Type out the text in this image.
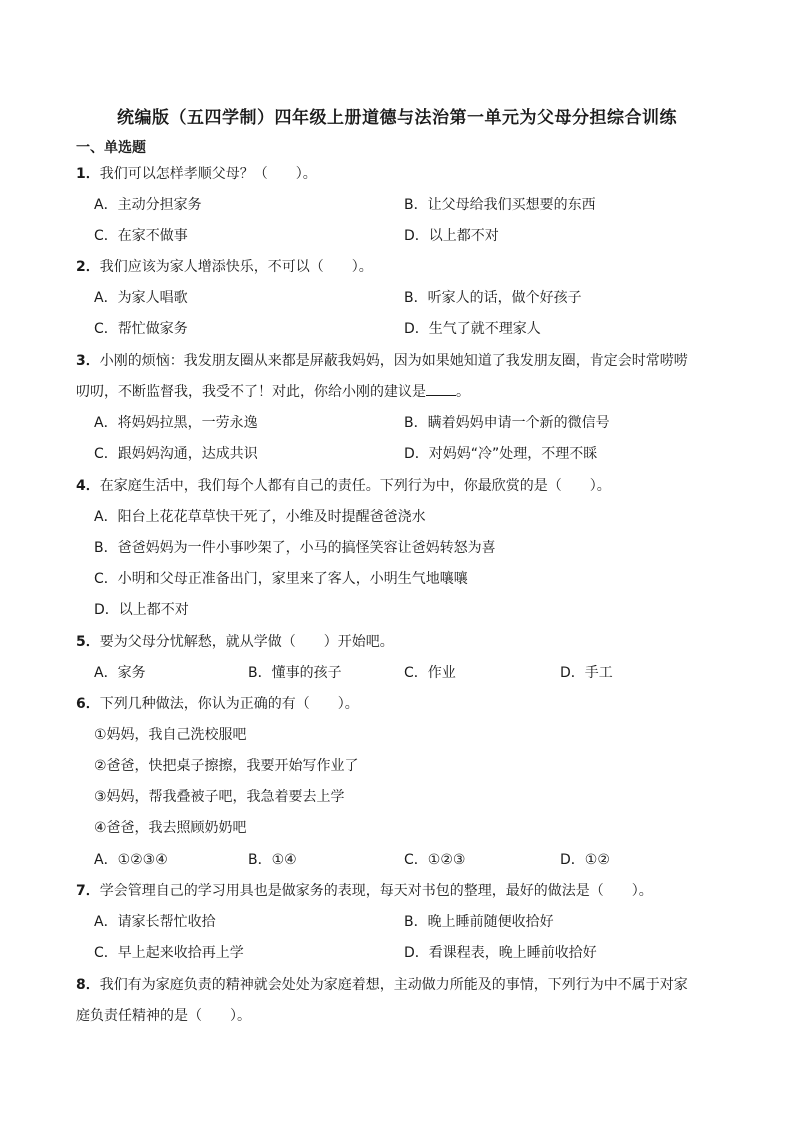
统编版（五四学制）四年级上册道德与法治第一单元为父母分担综合训练
一、单选题
1．我们可以怎样孝顺父母？（　　）。
A．主动分担家务	B．让父母给我们买想要的东西
C．在家不做事	D．以上都不对
2．我们应该为家人增添快乐，不可以（　　）。
A．为家人唱歌	B．听家人的话，做个好孩子
C．帮忙做家务	D．生气了就不理家人
3．小刚的烦恼：我发朋友圈从来都是屏蔽我妈妈，因为如果她知道了我发朋友圈，肯定会时常唠唠
叨叨，不断监督我，我受不了！对此，你给小刚的建议是 。
A．将妈妈拉黑，一劳永逸	B．瞒着妈妈申请一个新的微信号
C．跟妈妈沟通，达成共识	D．对妈妈“冷”处理，不理不睬
4．在家庭生活中，我们每个人都有自己的责任。下列行为中，你最欣赏的是（　　）。
A．阳台上花花草草快干死了，小维及时提醒爸爸浇水
B．爸爸妈妈为一件小事吵架了，小马的搞怪笑容让爸妈转怒为喜
C．小明和父母正准备出门，家里来了客人，小明生气地嚷嚷
D．以上都不对
5．要为父母分忧解愁，就从学做（　　）开始吧。
A．家务	B．懂事的孩子	C．作业	D．手工
6．下列几种做法，你认为正确的有（　　）。
①妈妈，我自己洗校服吧
②爸爸，快把桌子擦擦，我要开始写作业了
③妈妈，帮我叠被子吧，我急着要去上学
④爸爸，我去照顾奶奶吧
A．①②③④	B．①④	C．①②③	D．①②
7．学会管理自己的学习用具也是做家务的表现，每天对书包的整理，最好的做法是（　　）。
A．请家长帮忙收拾	B．晚上睡前随便收拾好
C．早上起来收拾再上学	D．看课程表，晚上睡前收拾好
8．我们有为家庭负责的精神就会处处为家庭着想，主动做力所能及的事情，下列行为中不属于对家
庭负责任精神的是（　　）。
